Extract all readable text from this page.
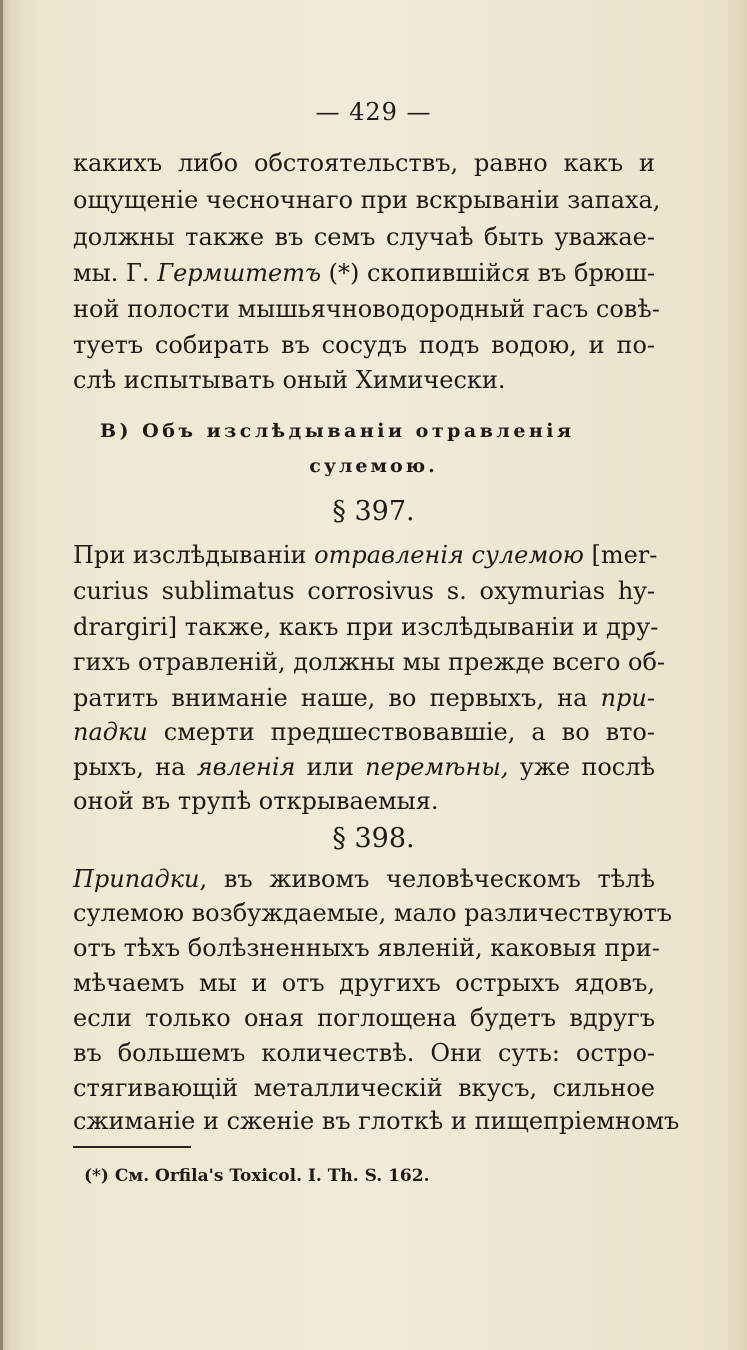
— 429 —
какихъ либо обстоятельствъ, равно какъ и
ощущеніе чесночнаго при вскрываніи запаха,
должны также въ семъ случаѣ быть уважае-
мы. Г. Гермштетъ (*) скопившійся въ брюш-
ной полости мышьячноводородный гасъ совѣ-
туетъ собирать въ сосудъ подъ водою, и по-
слѣ испытывать оный Химически.
В) Объ изслѣдываніи отравленія
сулемою.
§ 397.
При изслѣдываніи отравленія сулемою [mer-
curius sublimatus corrosivus s. oxymurias hy-
drargiri] также, какъ при изслѣдываніи и дру-
гихъ отравленій, должны мы прежде всего об-
ратить вниманіе наше, во первыхъ, на при-
падки смерти предшествовавшіе, а во вто-
рыхъ, на явленія или перемѣны, уже послѣ
оной въ трупѣ открываемыя.
§ 398.
Припадки, въ живомъ человѣческомъ тѣлѣ
сулемою возбуждаемые, мало различествуютъ
отъ тѣхъ болѣзненныхъ явленій, каковыя при-
мѣчаемъ мы и отъ другихъ острыхъ ядовъ,
если только оная поглощена будетъ вдругъ
въ большемъ количествѣ. Они суть: остро-
стягивающій металлическій вкусъ, сильное
сжиманіе и сженіе въ глоткѣ и пищепріемномъ
(*) См. Orfila's Toxicol. I. Th. S. 162.
